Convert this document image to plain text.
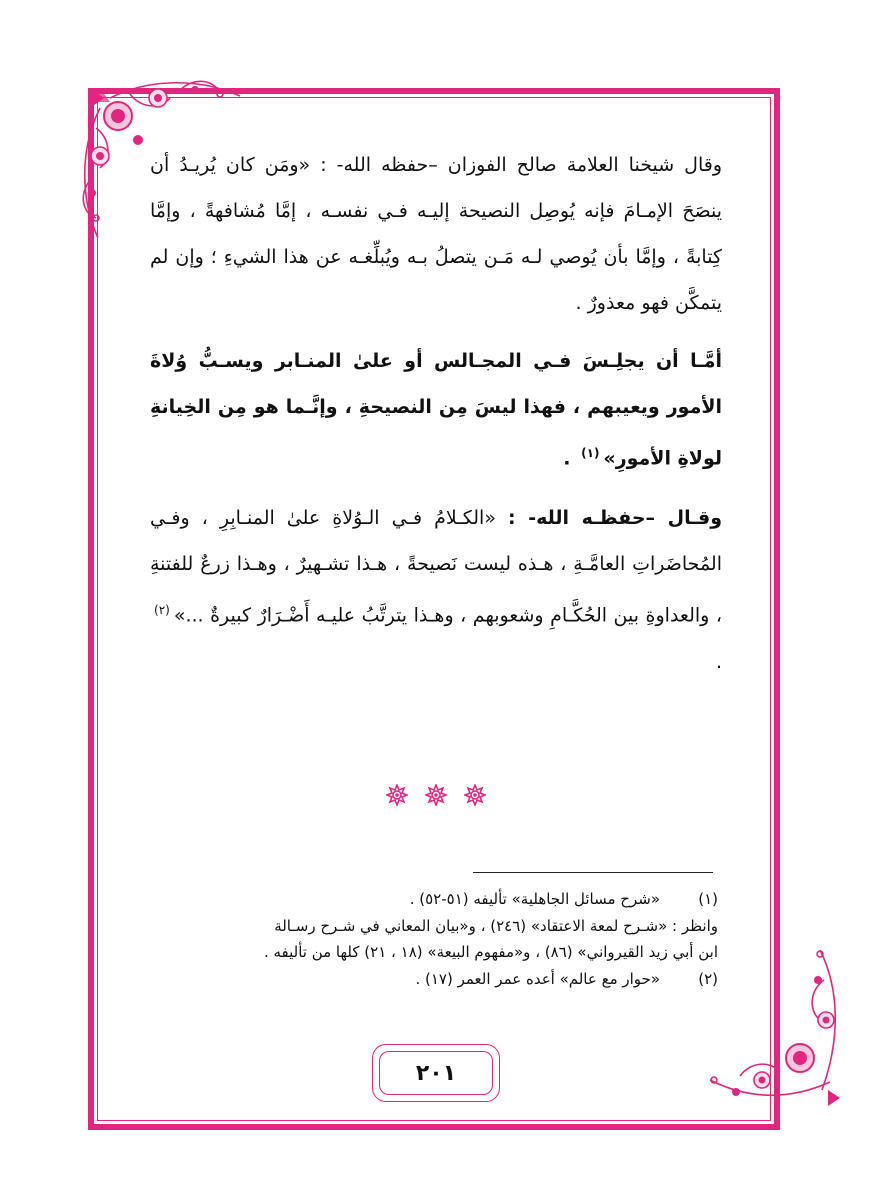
وقال شيخنا العلامة صالح الفوزان –حفظه الله- : «ومَن كان يُريـدُ أن ينصَحَ الإمـامَ فإنه يُوصِل النصيحة إليـه فـي نفسـه ، إمَّا مُشافهةً ، وإمَّا كِتابةً ، وإمَّا بأن يُوصي لـه مَـن يتصلُ بـه ويُبلِّغـه عن هذا الشيءِ ؛ وإن لم يتمكَّن فهو معذورٌ .

أمَّـا أن يجلِـسَ فـي المجـالس أو علىٰ المنـابر ويسـبُّ وُلاةَ الأمور ويعيبهم ، فهذا ليسَ مِن النصيحةِ ، وإنَّـما هو مِن الخِيانةِ لولاةِ الأمورِ»$^{(١)}$ .

وقـال –حفظـه الله- : «الكـلامُ فـي الـوُلاةِ علىٰ المنـابِرِ ، وفـي المُحاضَراتِ العامَّـةِ ، هـذه ليست نَصيحةً ، هـذا تشـهيرٌ ، وهـذا زرعٌ للفتنةِ ، والعداوةِ بين الحُكَّـامِ وشعوبهم ، وهـذا يترتَّبُ عليـه أَضْـرَارٌ كبيرةٌ ...»$^{(٢)}$ .

(١)
«شرح مسائل الجاهلية» تأليفه (٥١-٥٢) .
وانظر : «شـرح لمعة الاعتقاد» (٢٤٦) ، و«بيان المعاني في شـرح رسـالة
ابن أبي زيد القيرواني» (٨٦) ، و«مفهوم البيعة» (١٨ ، ٢١) كلها من تأليفه .
(٢)
«حوار مع عالم» أعده عمر العمر (١٧) .
٢٠١
